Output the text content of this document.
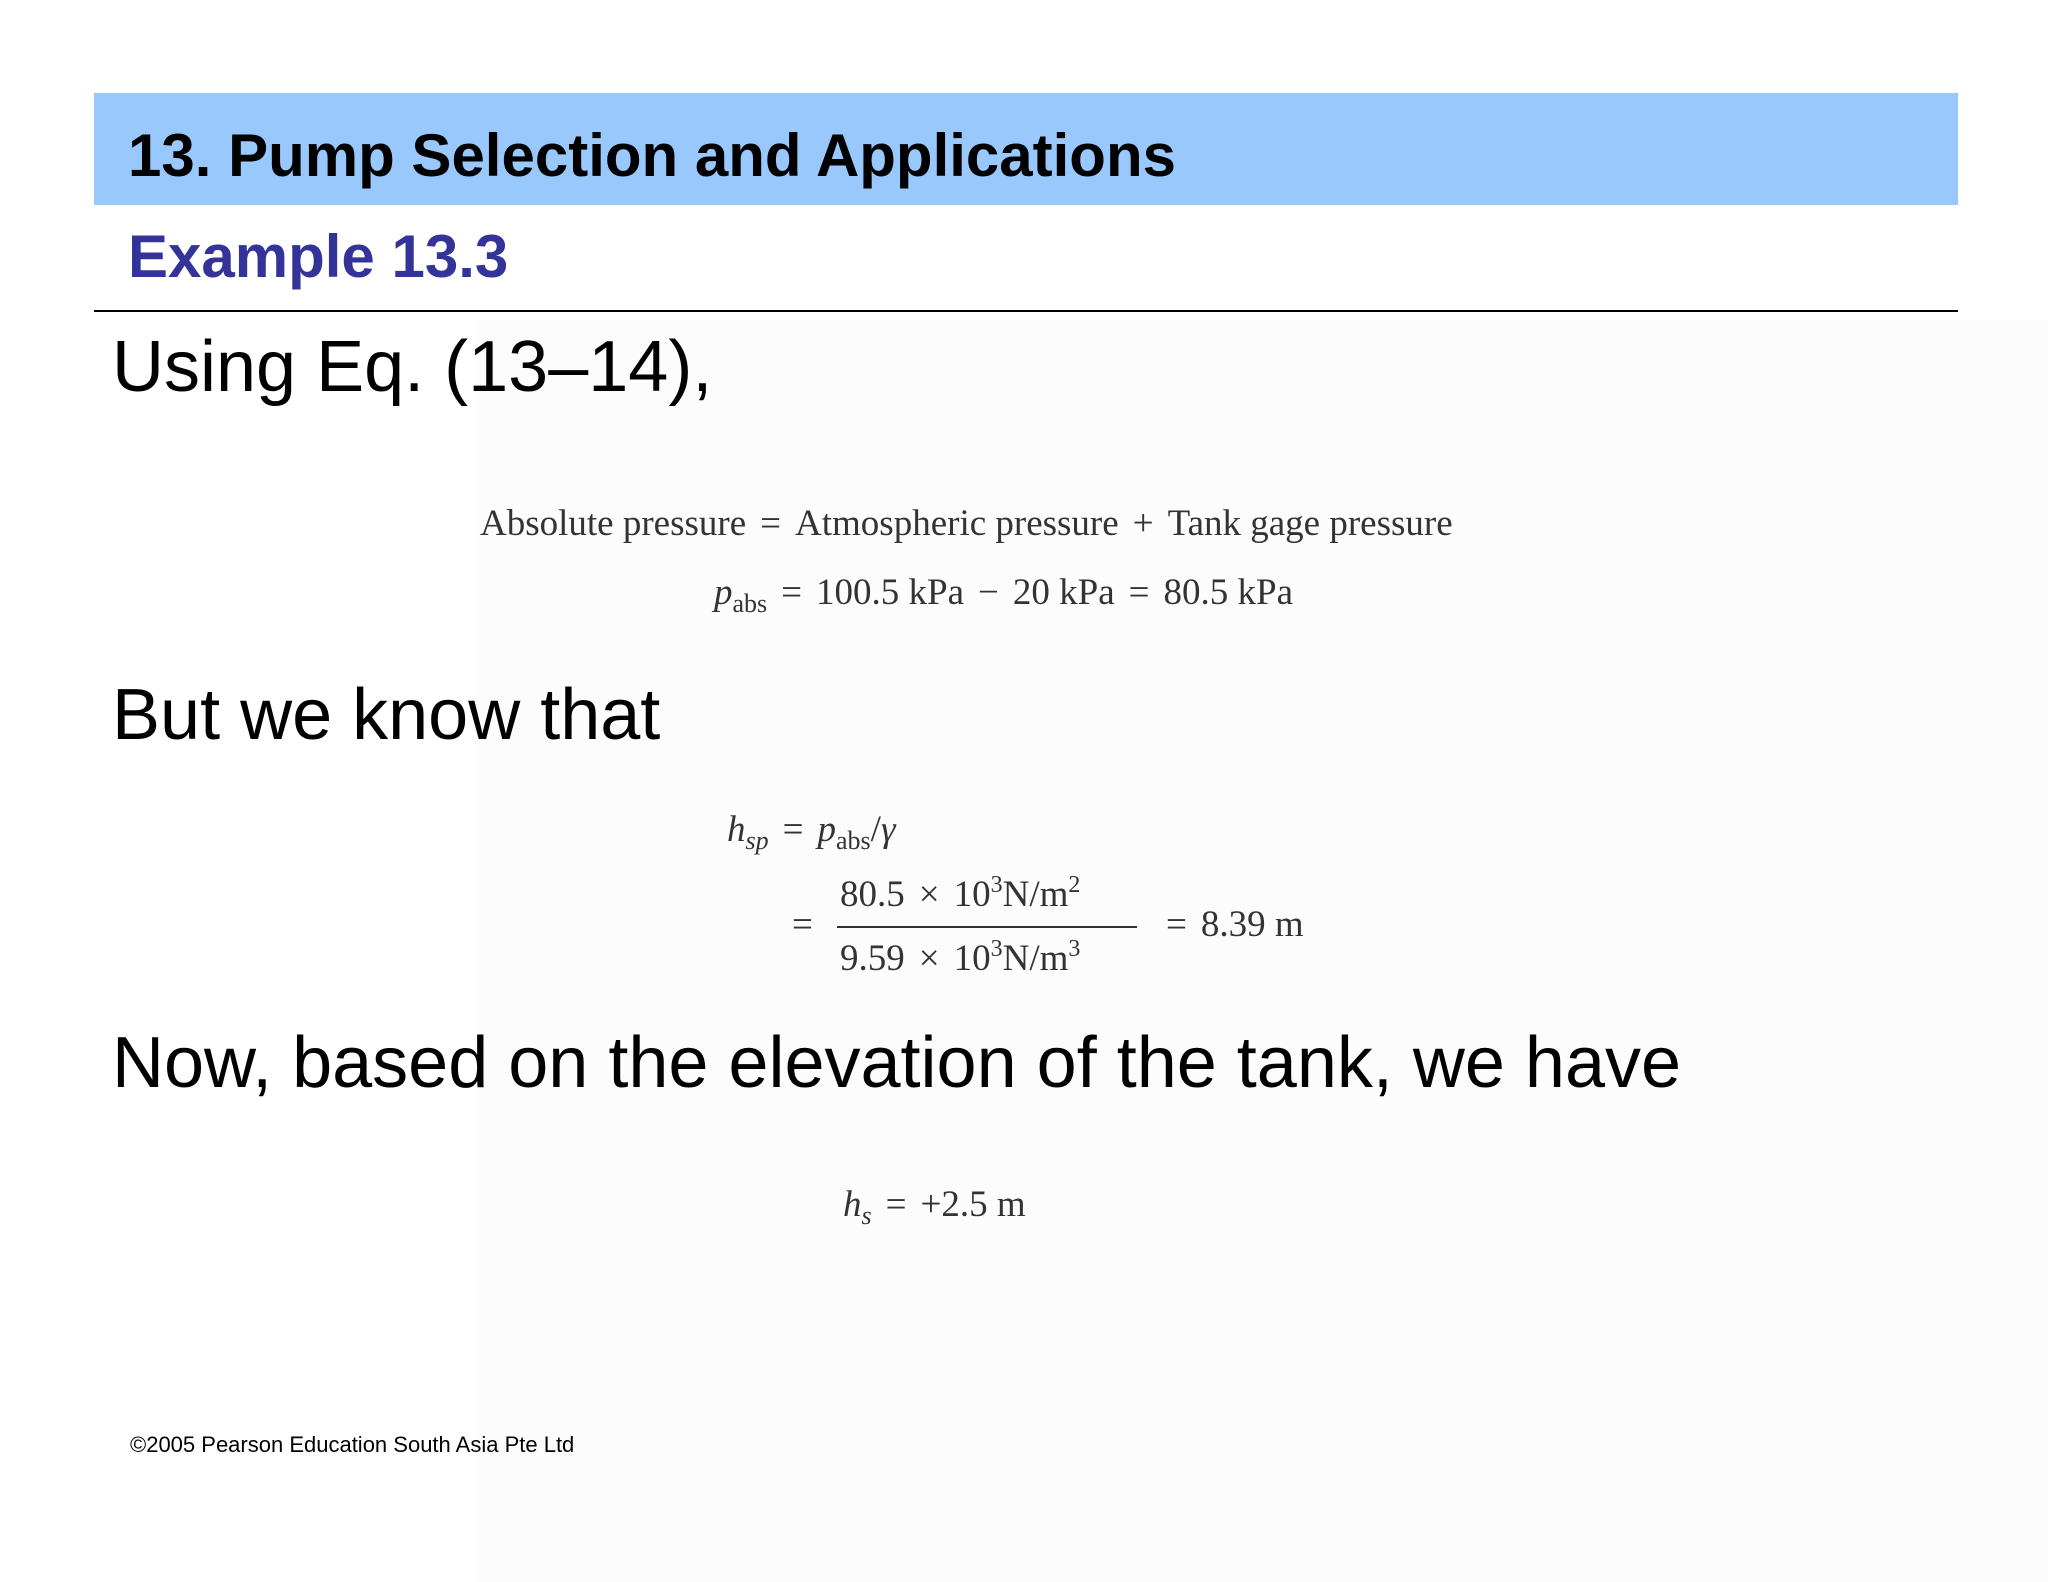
13. Pump Selection and Applications
Example 13.3
Using Eq. (13–14),
Absolute pressure = Atmospheric pressure + Tank gage pressure
$p_{abs} = 100.5$ kPa − 20 kPa = 80.5 kPa
But we know that
$h_{sp} = p_{abs}/\gamma$
=
$80.5 \times 10^3N/m^2$
$9.59 \times 10^3N/m^3$
= 8.39 m
Now, based on the elevation of the tank, we have
$h_s = +2.5$ m
©2005 Pearson Education South Asia Pte Ltd
